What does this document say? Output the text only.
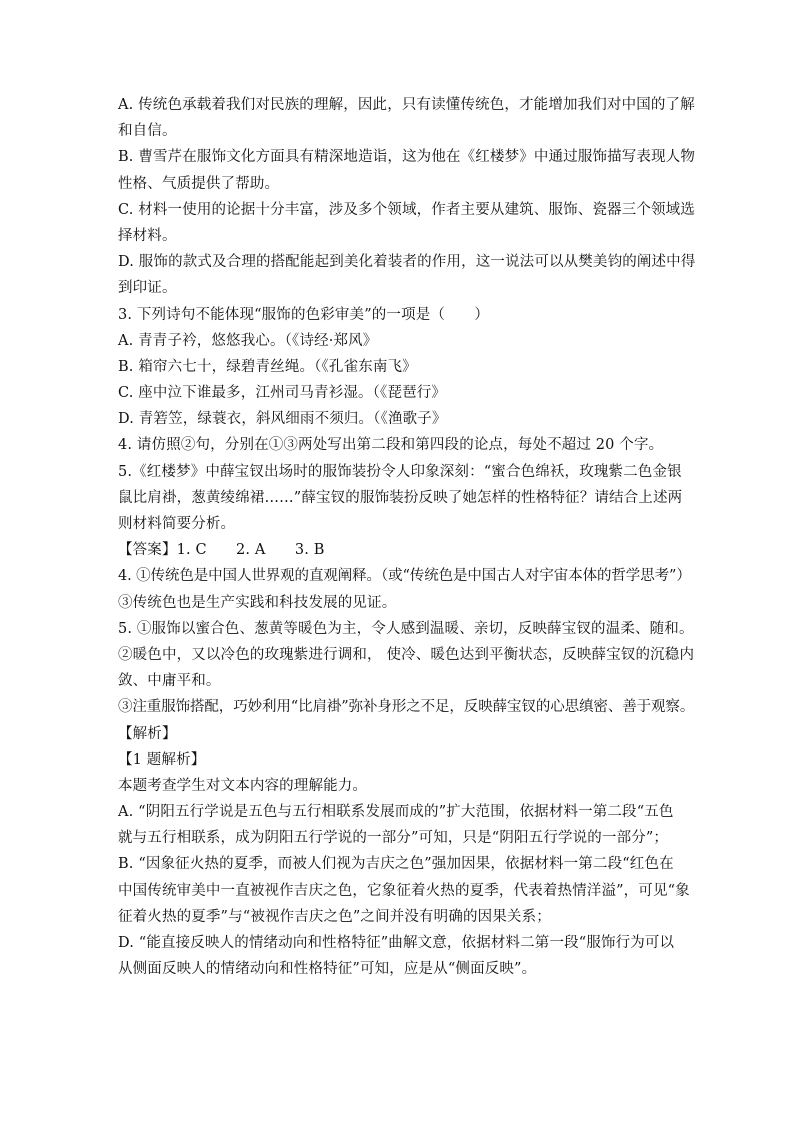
A. 传统色承载着我们对民族的理解，因此，只有读懂传统色，才能增加我们对中国的了解
和自信。
B. 曹雪芹在服饰文化方面具有精深地造诣，这为他在《红楼梦》中通过服饰描写表现人物
性格、气质提供了帮助。
C. 材料一使用的论据十分丰富，涉及多个领域，作者主要从建筑、服饰、瓷器三个领域选
择材料。
D. 服饰的款式及合理的搭配能起到美化着装者的作用，这一说法可以从樊美钧的阐述中得
到印证。
3. 下列诗句不能体现“服饰的色彩审美”的一项是（　　）
A. 青青子衿，悠悠我心。（《诗经·郑风》
B. 箱帘六七十，绿碧青丝绳。（《孔雀东南飞》
C. 座中泣下谁最多，江州司马青衫湿。（《琵琶行》
D. 青箬笠，绿蓑衣，斜风细雨不须归。（《渔歌子》
4. 请仿照②句，分别在①③两处写出第二段和第四段的论点，每处不超过 20 个字。
5.《红楼梦》中薛宝钗出场时的服饰装扮令人印象深刻：“蜜合色绵袄，玫瑰紫二色金银
鼠比肩褂，葱黄绫绵裙……”薛宝钗的服饰装扮反映了她怎样的性格特征？请结合上述两
则材料简要分析。
【答案】1. C　　2. A　　3. B
4. ①传统色是中国人世界观的直观阐释。（或“传统色是中国古人对宇宙本体的哲学思考”）
③传统色也是生产实践和科技发展的见证。
5. ①服饰以蜜合色、葱黄等暖色为主，令人感到温暖、亲切，反映薛宝钗的温柔、随和。
②暖色中，又以冷色的玫瑰紫进行调和， 使冷、暖色达到平衡状态，反映薛宝钗的沉稳内
敛、中庸平和。
③注重服饰搭配，巧妙利用“比肩褂”弥补身形之不足，反映薛宝钗的心思缜密、善于观察。
【解析】
【1 题解析】
本题考查学生对文本内容的理解能力。
A. “阴阳五行学说是五色与五行相联系发展而成的”扩大范围，依据材料一第二段“五色
就与五行相联系，成为阴阳五行学说的一部分”可知，只是“阴阳五行学说的一部分”；
B. “因象征火热的夏季，而被人们视为吉庆之色”强加因果，依据材料一第二段“红色在
中国传统审美中一直被视作吉庆之色，它象征着火热的夏季，代表着热情洋溢”，可见“象
征着火热的夏季”与“被视作吉庆之色”之间并没有明确的因果关系；
D. “能直接反映人的情绪动向和性格特征”曲解文意，依据材料二第一段“服饰行为可以
从侧面反映人的情绪动向和性格特征”可知，应是从“侧面反映”。
